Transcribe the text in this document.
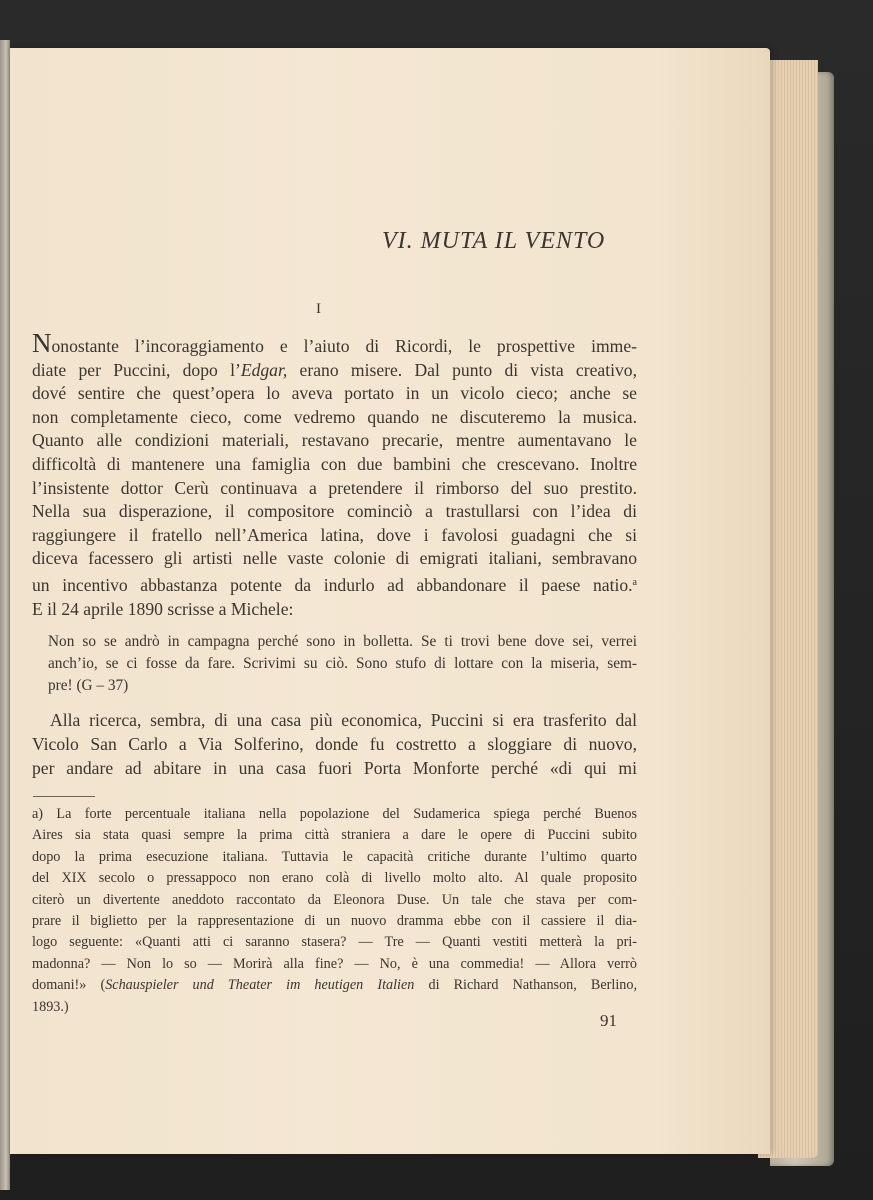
VI. MUTA IL VENTO
I
Nonostante l’incoraggiamento e l’aiuto di Ricordi, le prospettive imme-
diate per Puccini, dopo l’Edgar, erano misere. Dal punto di vista creativo,
dové sentire che quest’opera lo aveva portato in un vicolo cieco; anche se
non completamente cieco, come vedremo quando ne discuteremo la musica.
Quanto alle condizioni materiali, restavano precarie, mentre aumentavano le
difficoltà di mantenere una famiglia con due bambini che crescevano. Inoltre
l’insistente dottor Cerù continuava a pretendere il rimborso del suo prestito.
Nella sua disperazione, il compositore cominciò a trastullarsi con l’idea di
raggiungere il fratello nell’America latina, dove i favolosi guadagni che si
diceva facessero gli artisti nelle vaste colonie di emigrati italiani, sembravano
un incentivo abbastanza potente da indurlo ad abbandonare il paese natio.$^a$
E il 24 aprile 1890 scrisse a Michele:
Non so se andrò in campagna perché sono in bolletta. Se ti trovi bene dove sei, verrei
anch’io, se ci fosse da fare. Scrivimi su ciò. Sono stufo di lottare con la miseria, sem-
pre! (G – 37)
Alla ricerca, sembra, di una casa più economica, Puccini si era trasferito dal
Vicolo San Carlo a Via Solferino, donde fu costretto a sloggiare di nuovo,
per andare ad abitare in una casa fuori Porta Monforte perché «di qui mi
a) La forte percentuale italiana nella popolazione del Sudamerica spiega perché Buenos
Aires sia stata quasi sempre la prima città straniera a dare le opere di Puccini subito
dopo la prima esecuzione italiana. Tuttavia le capacità critiche durante l’ultimo quarto
del XIX secolo o pressappoco non erano colà di livello molto alto. Al quale proposito
citerò un divertente aneddoto raccontato da Eleonora Duse. Un tale che stava per com-
prare il biglietto per la rappresentazione di un nuovo dramma ebbe con il cassiere il dia-
logo seguente: «Quanti atti ci saranno stasera? — Tre — Quanti vestiti metterà la pri-
madonna? — Non lo so — Morirà alla fine? — No, è una commedia! — Allora verrò
domani!» (Schauspieler und Theater im heutigen Italien di Richard Nathanson, Berlino,
1893.)
91
